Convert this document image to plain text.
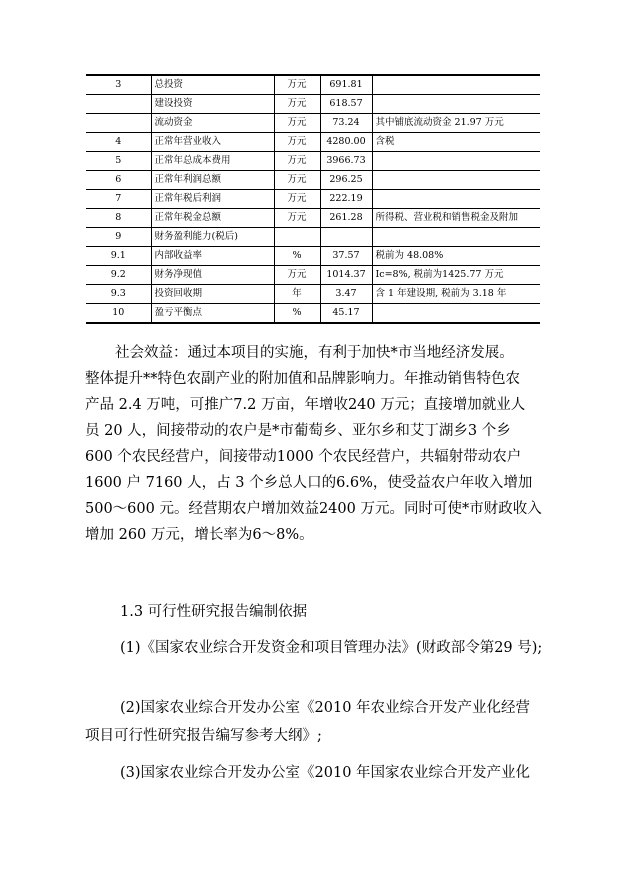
3	总投资	万元	691.81	
	建设投资	万元	618.57	
	流动资金	万元	73.24	其中铺底流动资金 21.97 万元
4	正常年营业收入	万元	4280.00	含税
5	正常年总成本费用	万元	3966.73	
6	正常年利润总额	万元	296.25	
7	正常年税后利润	万元	222.19	
8	正常年税金总额	万元	261.28	所得税、营业税和销售税金及附加
9	财务盈利能力(税后)			
9.1	内部收益率	%	37.57	税前为 48.08%
9.2	财务净现值	万元	1014.37	Ic=8%, 税前为1425.77 万元
9.3	投资回收期	年	3.47	含 1 年建设期, 税前为 3.18 年
10	盈亏平衡点	%	45.17	
社会效益：通过本项目的实施，有利于加快*市当地经济发展。
整体提升**特色农副产业的附加值和品牌影响力。年推动销售特色农
产品 2.4 万吨，可推广7.2 万亩，年增收240 万元；直接增加就业人
员 20 人，间接带动的农户是*市葡萄乡、亚尔乡和艾丁湖乡3 个乡
600 个农民经营户，间接带动1000 个农民经营户，共辐射带动农户
1600 户 7160 人，占 3 个乡总人口的6.6%，使受益农户年收入增加
500～600 元。经营期农户增加效益2400 万元。同时可使*市财政收入
增加 260 万元，增长率为6～8%。
1.3 可行性研究报告编制依据
(1)《国家农业综合开发资金和项目管理办法》(财政部令第29 号);
(2)国家农业综合开发办公室《2010 年农业综合开发产业化经营
项目可行性研究报告编写参考大纲》;
(3)国家农业综合开发办公室《2010 年国家农业综合开发产业化
